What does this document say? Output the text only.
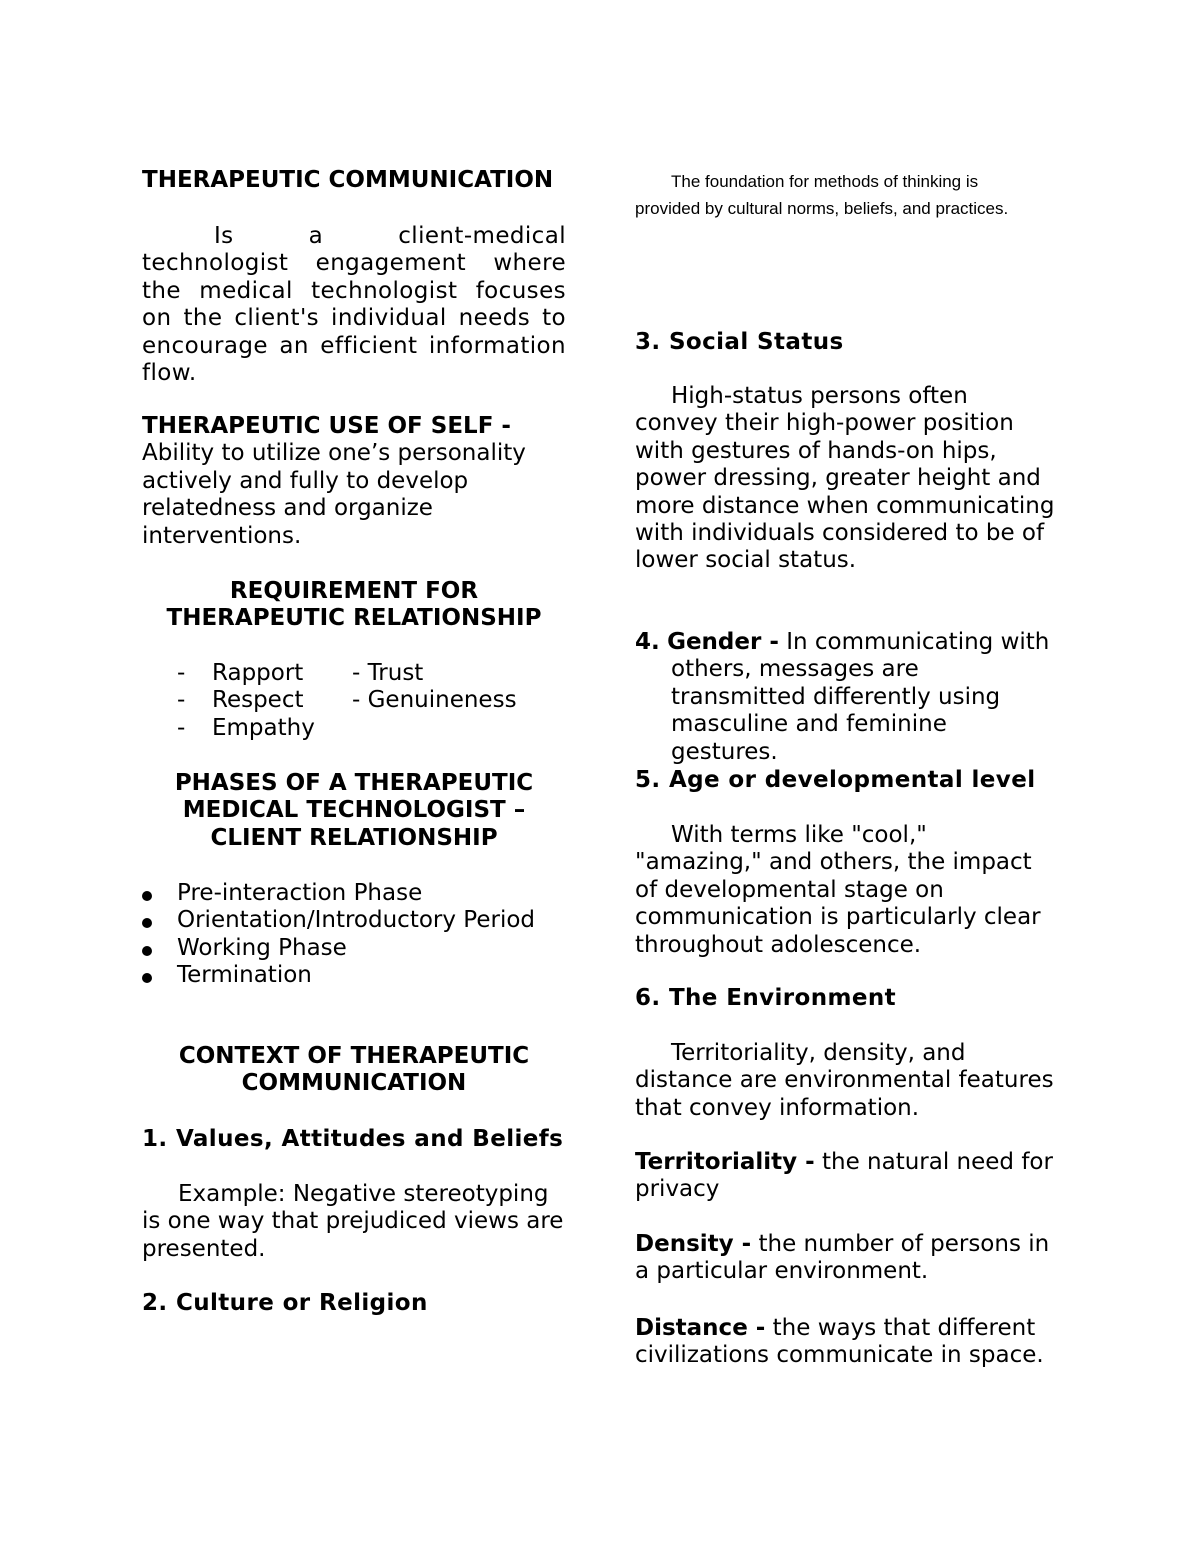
THERAPEUTIC COMMUNICATION

Is a client-medical technologist engagement where the medical technologist focuses on the client's individual needs to encourage an efficient information flow.

THERAPEUTIC USE OF SELF -
Ability to utilize one’s personality actively and fully to develop relatedness and organize interventions.

REQUIREMENT FOR
THERAPEUTIC RELATIONSHIP
- Rapport - Trust
- Respect - Genuineness
- Empathy
PHASES OF A THERAPEUTIC
MEDICAL TECHNOLOGIST –
CLIENT RELATIONSHIP
Pre-interaction Phase
Orientation/Introductory Period
Working Phase
Termination
CONTEXT OF THERAPEUTIC
COMMUNICATION
1. Values, Attitudes and Beliefs

Example: Negative stereotyping is one way that prejudiced views are presented.

2. Culture or Religion

The foundation for methods of thinking is provided by cultural norms, beliefs, and practices.

3. Social Status

High-status persons often convey their high-power position with gestures of hands-on hips, power dressing, greater height and more distance when communicating with individuals considered to be of lower social status.

4. Gender - In communicating with others, messages are transmitted differently using masculine and feminine gestures.

5. Age or developmental level

With terms like "cool," "amazing," and others, the impact of developmental stage on communication is particularly clear throughout adolescence.

6. The Environment

Territoriality, density, and distance are environmental features that convey information.

Territoriality - the natural need for privacy

Density - the number of persons in a particular environment.

Distance - the ways that different civilizations communicate in space.
